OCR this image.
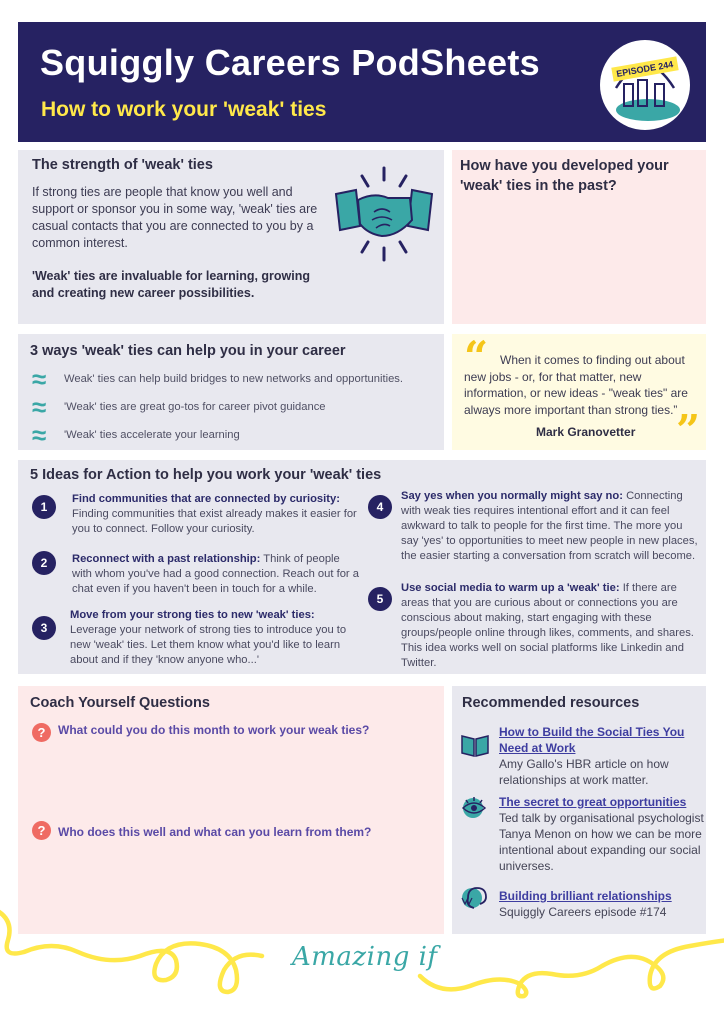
Squiggly Careers PodSheets
How to work your 'weak' ties
EPISODE 244
The strength of 'weak' ties
If strong ties are people that know you well and support or sponsor you in some way, 'weak' ties are casual contacts that you are connected to you by a common interest.
'Weak' ties are invaluable for learning, growing and creating new career possibilities.
How have you developed your 'weak' ties in the past?
3 ways 'weak' ties can help you in your career
≈	Weak' ties can help build bridges to new networks and opportunities.
≈	'Weak' ties are great go-tos for career pivot guidance
≈	'Weak' ties accelerate your learning
“ When it comes to finding out about new jobs - or, for that matter, new information, or new ideas - "weak ties" are always more important than strong ties.”
Mark Granovetter ”
5 Ideas for Action to help you work your 'weak' ties
1
Find communities that are connected by curiosity:
Finding communities that exist already makes it easier for you to connect. Follow your curiosity.
2	Reconnect with a past relationship: Think of people with whom you've had a good connection. Reach out for a chat even if you haven't been in touch for a while.
3
Move from your strong ties to new 'weak' ties:
Leverage your network of strong ties to introduce you to new 'weak' ties. Let them know what you'd like to learn about and if they 'know anyone who...'
4
Say yes when you normally might say no: Connecting with weak ties requires intentional effort and it can feel awkward to talk to people for the first time. The more you say 'yes' to opportunities to meet new people in new places, the easier starting a conversation from scratch will become.
5
Use social media to warm up a 'weak' tie: If there are areas that you are curious about or connections you are conscious about making, start engaging with these groups/people online through likes, comments, and shares. This idea works well on social platforms like Linkedin and Twitter.
Coach Yourself Questions
?	What could you do this month to work your weak ties?
?	Who does this well and what can you learn from them?
Recommended resources
How to Build the Social Ties You Need at Work
Amy Gallo's HBR article on how relationships at work matter.
The secret to great opportunities
Ted talk by organisational psychologist Tanya Menon on how we can be more intentional about expanding our social universes.
Building brilliant relationships
Squiggly Careers episode #174
Amazing if
